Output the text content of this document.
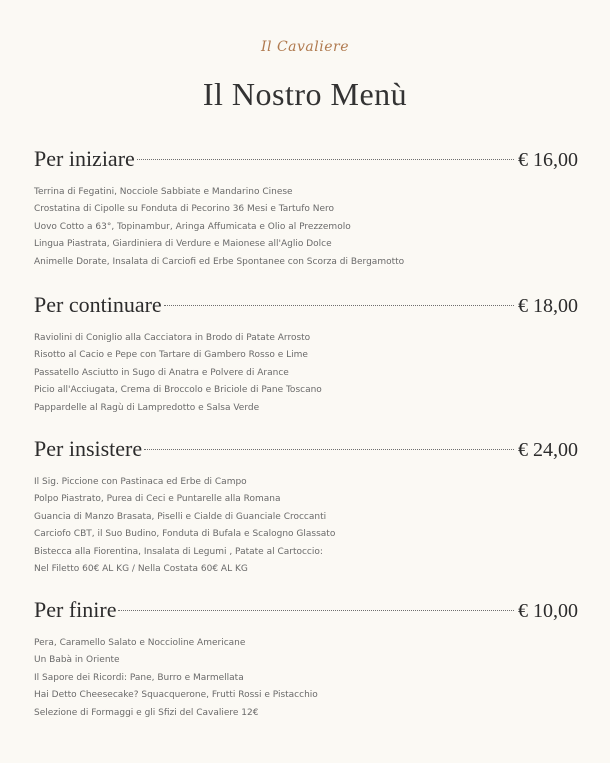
Il Cavaliere
Il Nostro Menù
Per iniziare	€ 16,00
Terrina di Fegatini, Nocciole Sabbiate e Mandarino Cinese
Crostatina di Cipolle su Fonduta di Pecorino 36 Mesi e Tartufo Nero
Uovo Cotto a 63°, Topinambur, Aringa Affumicata e Olio al Prezzemolo
Lingua Piastrata, Giardiniera di Verdure e Maionese all'Aglio Dolce
Animelle Dorate, Insalata di Carciofi ed Erbe Spontanee con Scorza di Bergamotto
Per continuare	€ 18,00
Raviolini di Coniglio alla Cacciatora in Brodo di Patate Arrosto
Risotto al Cacio e Pepe con Tartare di Gambero Rosso e Lime
Passatello Asciutto in Sugo di Anatra e Polvere di Arance
Picio all'Acciugata, Crema di Broccolo e Briciole di Pane Toscano
Pappardelle al Ragù di Lampredotto e Salsa Verde
Per insistere	€ 24,00
Il Sig. Piccione con Pastinaca ed Erbe di Campo
Polpo Piastrato, Purea di Ceci e Puntarelle alla Romana
Guancia di Manzo Brasata, Piselli e Cialde di Guanciale Croccanti
Carciofo CBT, il Suo Budino, Fonduta di Bufala e Scalogno Glassato
Bistecca alla Fiorentina, Insalata di Legumi , Patate al Cartoccio:
Nel Filetto 60€ AL KG / Nella Costata 60€ AL KG
Per finire	€ 10,00
Pera, Caramello Salato e Noccioline Americane
Un Babà in Oriente
Il Sapore dei Ricordi: Pane, Burro e Marmellata
Hai Detto Cheesecake? Squacquerone, Frutti Rossi e Pistacchio
Selezione di Formaggi e gli Sfizi del Cavaliere 12€
